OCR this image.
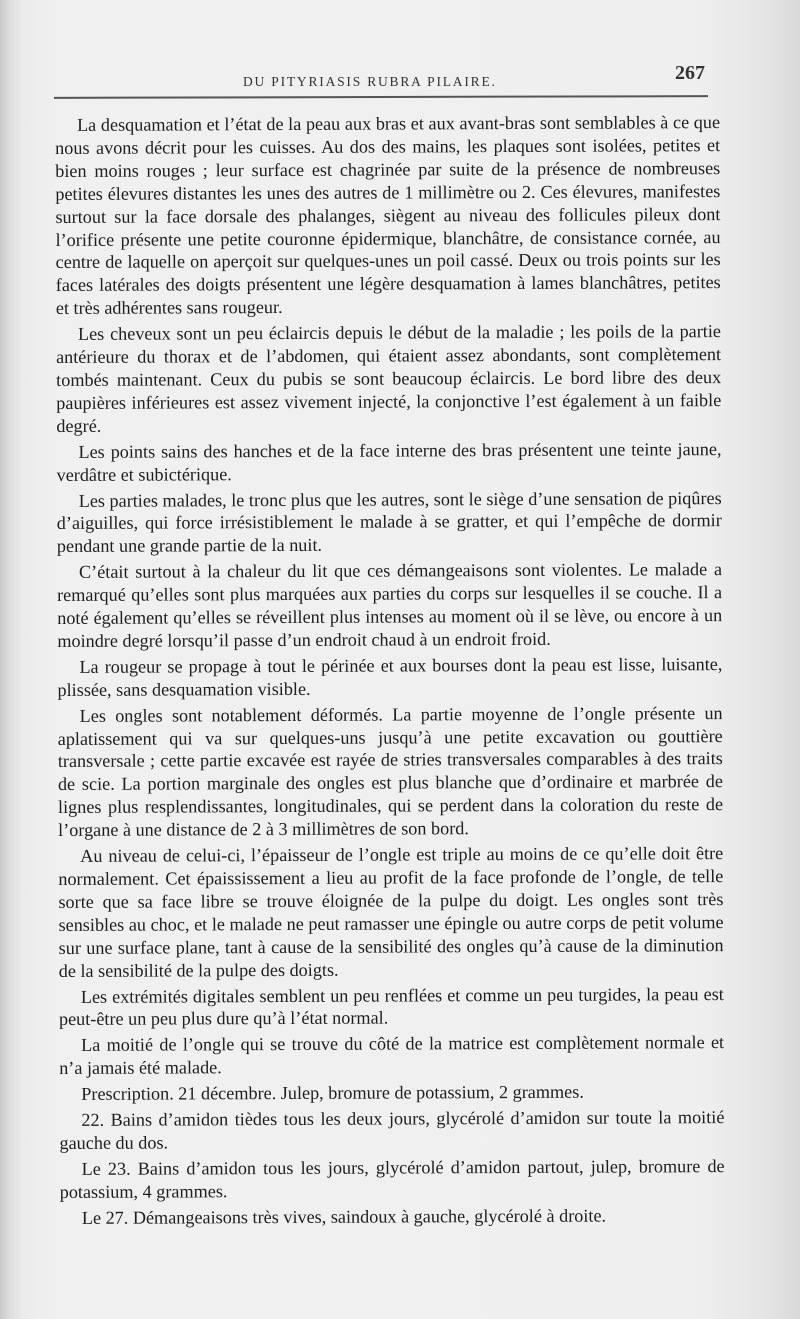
DU PITYRIASIS RUBRA PILAIRE.	267

La desquamation et l’état de la peau aux bras et aux avant-bras sont semblables à ce que nous avons décrit pour les cuisses. Au dos des mains, les plaques sont isolées, petites et bien moins rouges ; leur surface est chagrinée par suite de la présence de nombreuses petites élevures distantes les unes des autres de 1 millimètre ou 2. Ces élevures, manifestes surtout sur la face dorsale des phalanges, siègent au niveau des follicules pileux dont l’orifice présente une petite couronne épidermique, blanchâtre, de consistance cornée, au centre de laquelle on aperçoit sur quelques-unes un poil cassé. Deux ou trois points sur les faces latérales des doigts présentent une légère desquamation à lames blanchâtres, petites et très adhérentes sans rougeur.

Les cheveux sont un peu éclaircis depuis le début de la maladie ; les poils de la partie antérieure du thorax et de l’abdomen, qui étaient assez abondants, sont complètement tombés maintenant. Ceux du pubis se sont beaucoup éclaircis. Le bord libre des deux paupières inférieures est assez vivement injecté, la conjonctive l’est également à un faible degré.

Les points sains des hanches et de la face interne des bras présentent une teinte jaune, verdâtre et subictérique.

Les parties malades, le tronc plus que les autres, sont le siège d’une sensation de piqûres d’aiguilles, qui force irrésistiblement le malade à se gratter, et qui l’empêche de dormir pendant une grande partie de la nuit.

C’était surtout à la chaleur du lit que ces démangeaisons sont violentes. Le malade a remarqué qu’elles sont plus marquées aux parties du corps sur lesquelles il se couche. Il a noté également qu’elles se réveillent plus intenses au moment où il se lève, ou encore à un moindre degré lorsqu’il passe d’un endroit chaud à un endroit froid.

La rougeur se propage à tout le périnée et aux bourses dont la peau est lisse, luisante, plissée, sans desquamation visible.

Les ongles sont notablement déformés. La partie moyenne de l’ongle présente un aplatissement qui va sur quelques-uns jusqu’à une petite excavation ou gouttière transversale ; cette partie excavée est rayée de stries transversales comparables à des traits de scie. La portion marginale des ongles est plus blanche que d’ordinaire et marbrée de lignes plus resplendissantes, longitudinales, qui se perdent dans la coloration du reste de l’organe à une distance de 2 à 3 millimètres de son bord.

Au niveau de celui-ci, l’épaisseur de l’ongle est triple au moins de ce qu’elle doit être normalement. Cet épaississement a lieu au profit de la face profonde de l’ongle, de telle sorte que sa face libre se trouve éloignée de la pulpe du doigt. Les ongles sont très sensibles au choc, et le malade ne peut ramasser une épingle ou autre corps de petit volume sur une surface plane, tant à cause de la sensibilité des ongles qu’à cause de la diminution de la sensibilité de la pulpe des doigts.

Les extrémités digitales semblent un peu renflées et comme un peu turgides, la peau est peut-être un peu plus dure qu’à l’état normal.

La moitié de l’ongle qui se trouve du côté de la matrice est complètement normale et n’a jamais été malade.

Prescription. 21 décembre. Julep, bromure de potassium, 2 grammes.

22. Bains d’amidon tièdes tous les deux jours, glycérolé d’amidon sur toute la moitié gauche du dos.

Le 23. Bains d’amidon tous les jours, glycérolé d’amidon partout, julep, bromure de potassium, 4 grammes.

Le 27. Démangeaisons très vives, saindoux à gauche, glycérolé à droite.
